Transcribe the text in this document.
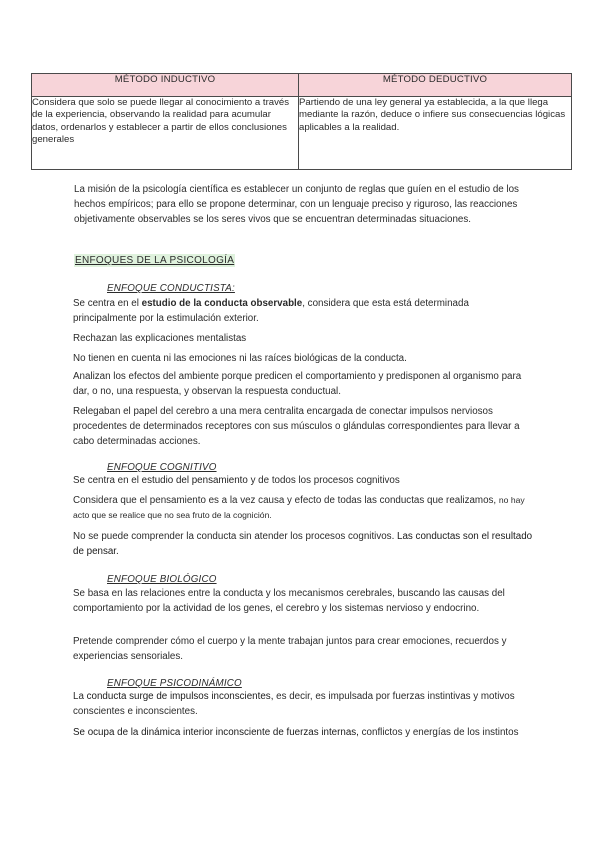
MÉTODO INDUCTIVO	MÉTODO DEDUCTIVO
Considera que solo se puede llegar al conocimiento a través de la experiencia, observando la realidad para acumular datos, ordenarlos y establecer a partir de ellos conclusiones generales	Partiendo de una ley general ya establecida, a la que llega mediante la razón, deduce o infiere sus consecuencias lógicas aplicables a la realidad.

La misión de la psicología científica es establecer un conjunto de reglas que guíen en el estudio de los hechos empíricos; para ello se propone determinar, con un lenguaje preciso y riguroso, las reacciones objetivamente observables se los seres vivos que se encuentran determinadas situaciones.

ENFOQUES DE LA PSICOLOGÍA
ENFOQUE CONDUCTISTA:

Se centra en el estudio de la conducta observable, considera que esta está determinada principalmente por la estimulación exterior.

Rechazan las explicaciones mentalistas

No tienen en cuenta ni las emociones ni las raíces biológicas de la conducta.

Analizan los efectos del ambiente porque predicen el comportamiento y predisponen al organismo para dar, o no, una respuesta, y observan la respuesta conductual.

Relegaban el papel del cerebro a una mera centralita encargada de conectar impulsos nerviosos procedentes de determinados receptores con sus músculos o glándulas correspondientes para llevar a cabo determinadas acciones.

ENFOQUE COGNITIVO

Se centra en el estudio del pensamiento y de todos los procesos cognitivos

Considera que el pensamiento es a la vez causa y efecto de todas las conductas que realizamos, no hay acto que se realice que no sea fruto de la cognición.

No se puede comprender la conducta sin atender los procesos cognitivos. Las conductas son el resultado de pensar.

ENFOQUE BIOLÓGICO

Se basa en las relaciones entre la conducta y los mecanismos cerebrales, buscando las causas del comportamiento por la actividad de los genes, el cerebro y los sistemas nervioso y endocrino.

Pretende comprender cómo el cuerpo y la mente trabajan juntos para crear emociones, recuerdos y experiencias sensoriales.

ENFOQUE PSICODINÁMICO

La conducta surge de impulsos inconscientes, es decir, es impulsada por fuerzas instintivas y motivos conscientes e inconscientes.

Se ocupa de la dinámica interior inconsciente de fuerzas internas, conflictos y energías de los instintos
